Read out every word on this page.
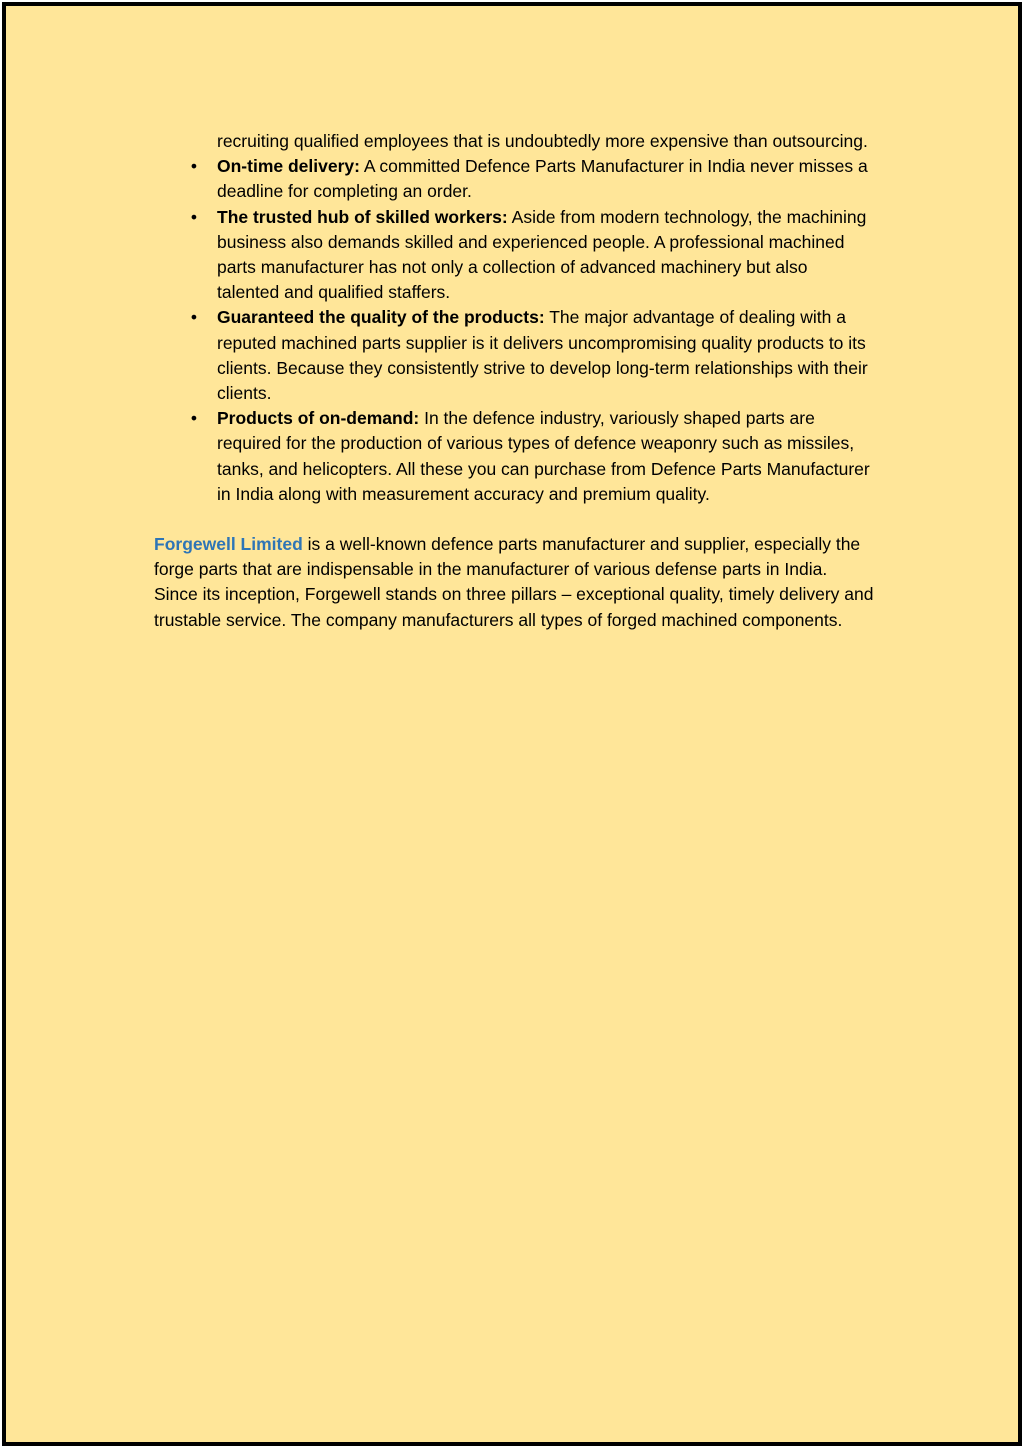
recruiting qualified employees that is undoubtedly more expensive than outsourcing.
• On-time delivery: A committed Defence Parts Manufacturer in India never misses a deadline for completing an order.
• The trusted hub of skilled workers: Aside from modern technology, the machining business also demands skilled and experienced people. A professional machined parts manufacturer has not only a collection of advanced machinery but also talented and qualified staffers.
• Guaranteed the quality of the products: The major advantage of dealing with a reputed machined parts supplier is it delivers uncompromising quality products to its clients. Because they consistently strive to develop long-term relationships with their clients.
• Products of on-demand: In the defence industry, variously shaped parts are required for the production of various types of defence weaponry such as missiles, tanks, and helicopters. All these you can purchase from Defence Parts Manufacturer in India along with measurement accuracy and premium quality.

Forgewell Limited is a well-known defence parts manufacturer and supplier, especially the forge parts that are indispensable in the manufacturer of various defense parts in India. Since its inception, Forgewell stands on three pillars – exceptional quality, timely delivery and trustable service. The company manufacturers all types of forged machined components.
